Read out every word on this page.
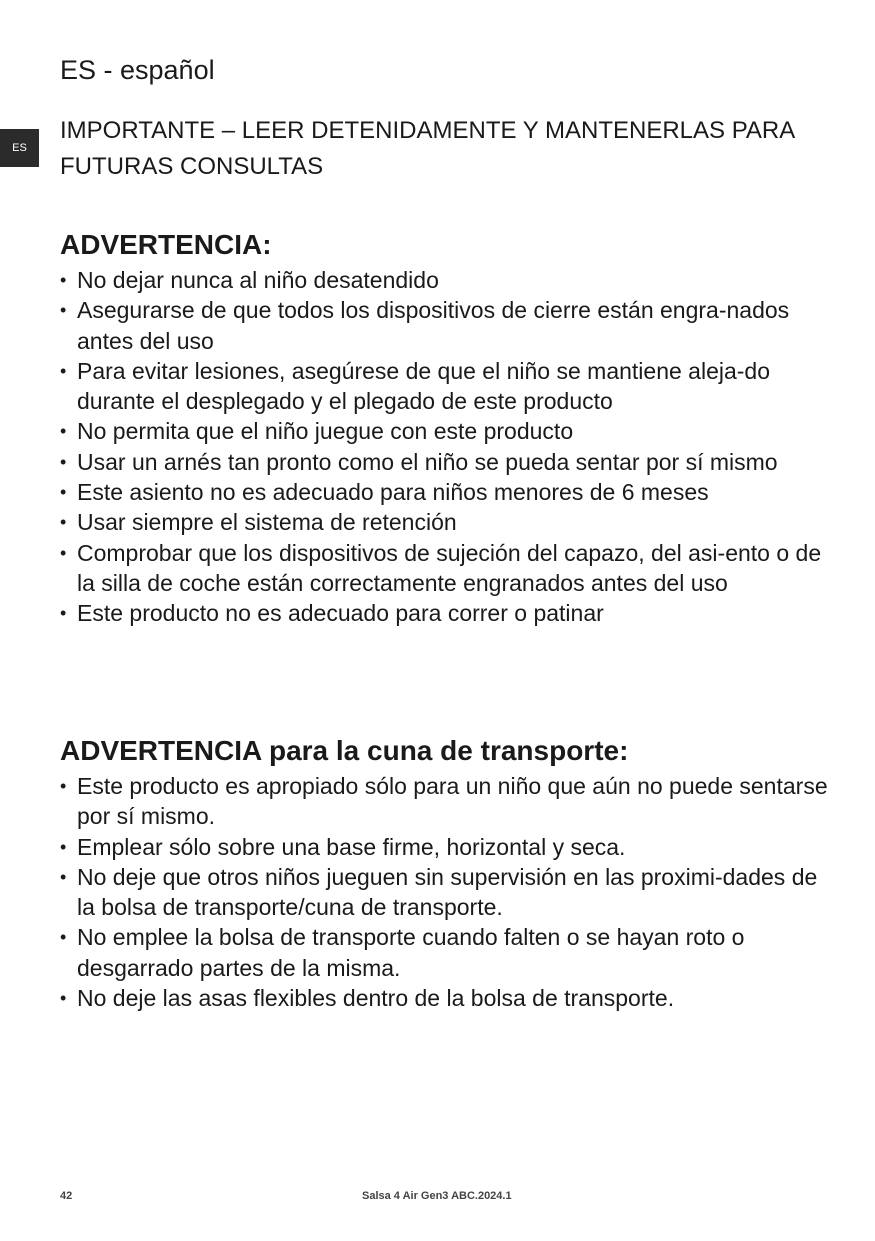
ES
ES - español
IMPORTANTE – LEER DETENIDAMENTE Y MANTENERLAS PARA FUTURAS CONSULTAS
ADVERTENCIA:
• No dejar nunca al niño desatendido
• Asegurarse de que todos los dispositivos de cierre están engra-nados antes del uso
• Para evitar lesiones, asegúrese de que el niño se mantiene aleja-do durante el desplegado y el plegado de este producto
• No permita que el niño juegue con este producto
• Usar un arnés tan pronto como el niño se pueda sentar por sí mismo
• Este asiento no es adecuado para niños menores de 6 meses
• Usar siempre el sistema de retención
• Comprobar que los dispositivos de sujeción del capazo, del asi-ento o de la silla de coche están correctamente engranados antes del uso
• Este producto no es adecuado para correr o patinar
ADVERTENCIA para la cuna de transporte:
• Este producto es apropiado sólo para un niño que aún no puede sentarse por sí mismo.
• Emplear sólo sobre una base firme, horizontal y seca.
• No deje que otros niños jueguen sin supervisión en las proximi-dades de la bolsa de transporte/cuna de transporte.
• No emplee la bolsa de transporte cuando falten o se hayan roto o desgarrado partes de la misma.
• No deje las asas flexibles dentro de la bolsa de transporte.
42	Salsa 4 Air Gen3 ABC.2024.1
